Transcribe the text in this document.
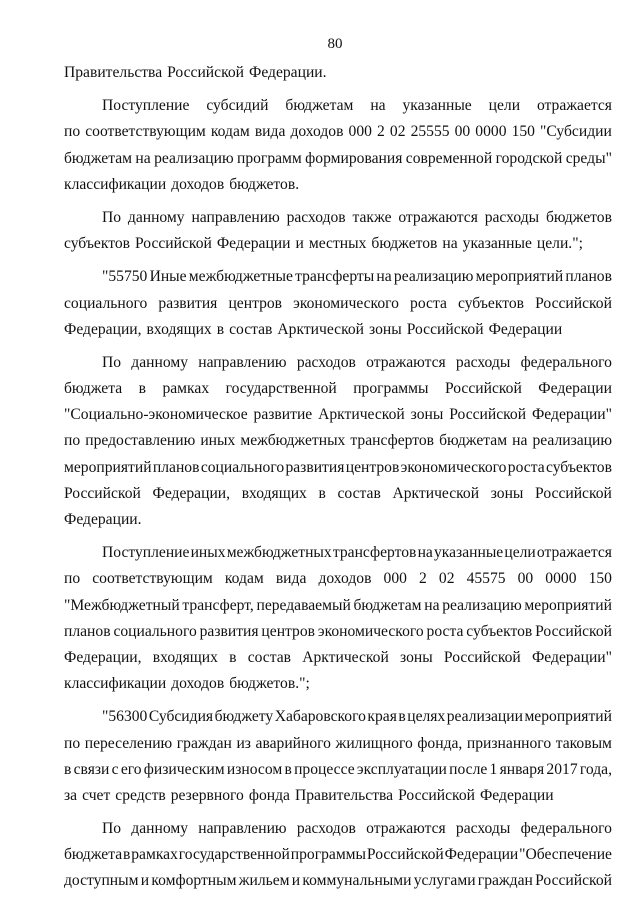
80
Правительства Российской Федерации.
Поступление субсидий бюджетам на указанные цели отражается
по соответствующим кодам вида доходов 000 2 02 25555 00 0000 150 "Субсидии
бюджетам на реализацию программ формирования современной городской среды"
классификации доходов бюджетов.
По данному направлению расходов также отражаются расходы бюджетов
субъектов Российской Федерации и местных бюджетов на указанные цели.";
"55750 Иные межбюджетные трансферты на реализацию мероприятий планов
социального развития центров экономического роста субъектов Российской
Федерации, входящих в состав Арктической зоны Российской Федерации
По данному направлению расходов отражаются расходы федерального
бюджета в рамках государственной программы Российской Федерации
"Социально-экономическое развитие Арктической зоны Российской Федерации"
по предоставлению иных межбюджетных трансфертов бюджетам на реализацию
мероприятий планов социального развития центров экономического роста субъектов
Российской Федерации, входящих в состав Арктической зоны Российской
Федерации.
Поступление иных межбюджетных трансфертов на указанные цели отражается
по соответствующим кодам вида доходов 000 2 02 45575 00 0000 150
"Межбюджетный трансферт, передаваемый бюджетам на реализацию мероприятий
планов социального развития центров экономического роста субъектов Российской
Федерации, входящих в состав Арктической зоны Российской Федерации"
классификации доходов бюджетов.";
"56300 Субсидия бюджету Хабаровского края в целях реализации мероприятий
по переселению граждан из аварийного жилищного фонда, признанного таковым
в связи с его физическим износом в процессе эксплуатации после 1 января 2017 года,
за счет средств резервного фонда Правительства Российской Федерации
По данному направлению расходов отражаются расходы федерального
бюджета в рамках государственной программы Российской Федерации "Обеспечение
доступным и комфортным жильем и коммунальными услугами граждан Российской
